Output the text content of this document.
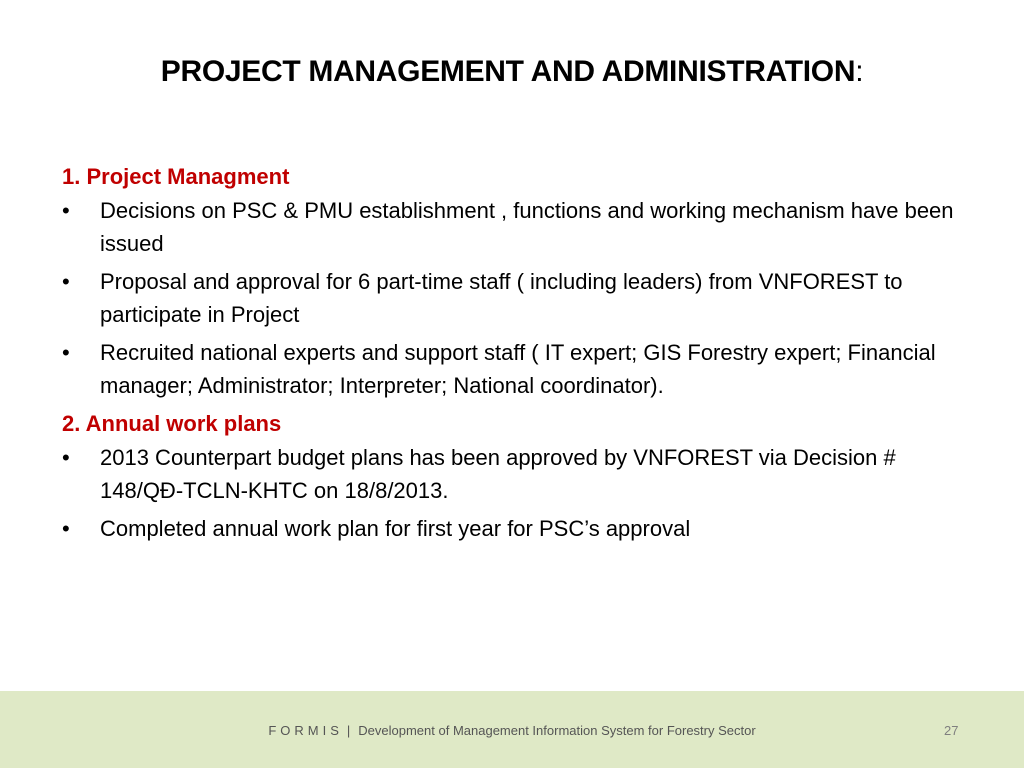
PROJECT MANAGEMENT AND ADMINISTRATION:
1. Project Managment
•	Decisions on PSC & PMU establishment , functions and working mechanism have been issued
•	Proposal and approval for 6 part-time staff ( including leaders) from VNFOREST to participate in Project
•	Recruited national experts and support staff ( IT expert; GIS Forestry expert; Financial manager; Administrator; Interpreter; National coordinator).
2. Annual work plans
•	2013 Counterpart budget plans has been approved by VNFOREST via Decision # 148/QĐ-TCLN-KHTC on 18/8/2013.
•	Completed annual work plan for first year for PSC’s approval
FORMIS | Development of Management Information System for Forestry Sector	27
